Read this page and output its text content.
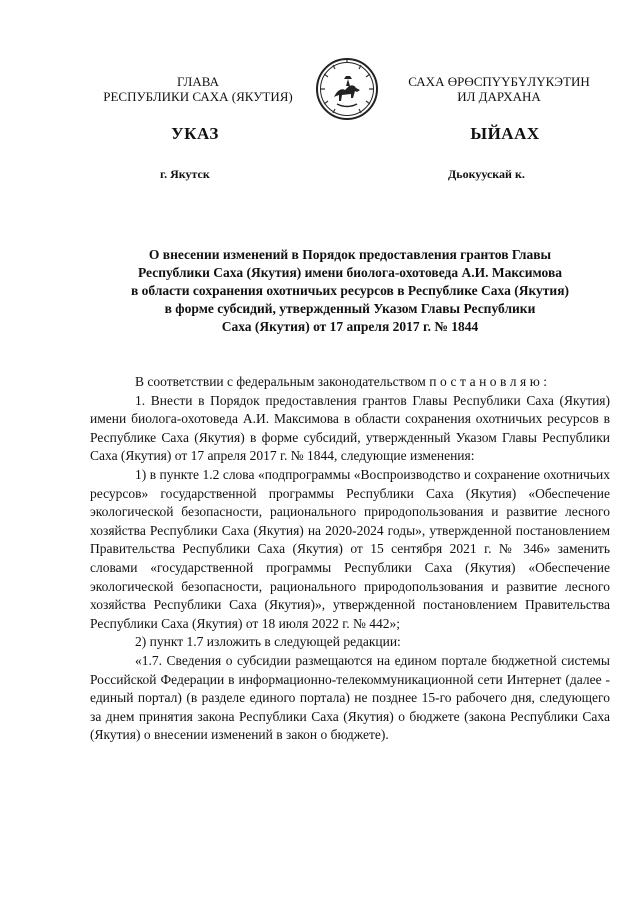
ГЛАВА
РЕСПУБЛИКИ САХА (ЯКУТИЯ)
САХА ӨРӨСПҮҮБҮЛҮКЭТИН
ИЛ ДАРХАНА
УКАЗ	ЫЙААХ
г. Якутск	Дьокуускай к.
О внесении изменений в Порядок предоставления грантов Главы
Республики Саха (Якутия) имени биолога-охотоведа А.И. Максимова
в области сохранения охотничьих ресурсов в Республике Саха (Якутия)
в форме субсидий, утвержденный Указом Главы Республики
Саха (Якутия) от 17 апреля 2017 г. № 1844

В соответствии с федеральным законодательством постановляю:

1. Внести в Порядок предоставления грантов Главы Республики Саха (Якутия) имени биолога-охотоведа А.И. Максимова в области сохранения охотничьих ресурсов в Республике Саха (Якутия) в форме субсидий, утвержденный Указом Главы Республики Саха (Якутия) от 17 апреля 2017 г. № 1844, следующие изменения:

1) в пункте 1.2 слова «подпрограммы «Воспроизводство и сохранение охотничьих ресурсов» государственной программы Республики Саха (Якутия) «Обеспечение экологической безопасности, рационального природопользования и развитие лесного хозяйства Республики Саха (Якутия) на 2020-2024 годы», утвержденной постановлением Правительства Республики Саха (Якутия) от 15 сентября 2021 г. № 346» заменить словами «государственной программы Республики Саха (Якутия) «Обеспечение экологической безопасности, рационального природопользования и развитие лесного хозяйства Республики Саха (Якутия)», утвержденной постановлением Правительства Республики Саха (Якутия) от 18 июля 2022 г. № 442»;

2) пункт 1.7 изложить в следующей редакции:

«1.7. Сведения о субсидии размещаются на едином портале бюджетной системы Российской Федерации в информационно-телекоммуникационной сети Интернет (далее - единый портал) (в разделе единого портала) не позднее 15-го рабочего дня, следующего за днем принятия закона Республики Саха (Якутия) о бюджете (закона Республики Саха (Якутия) о внесении изменений в закон о бюджете).
